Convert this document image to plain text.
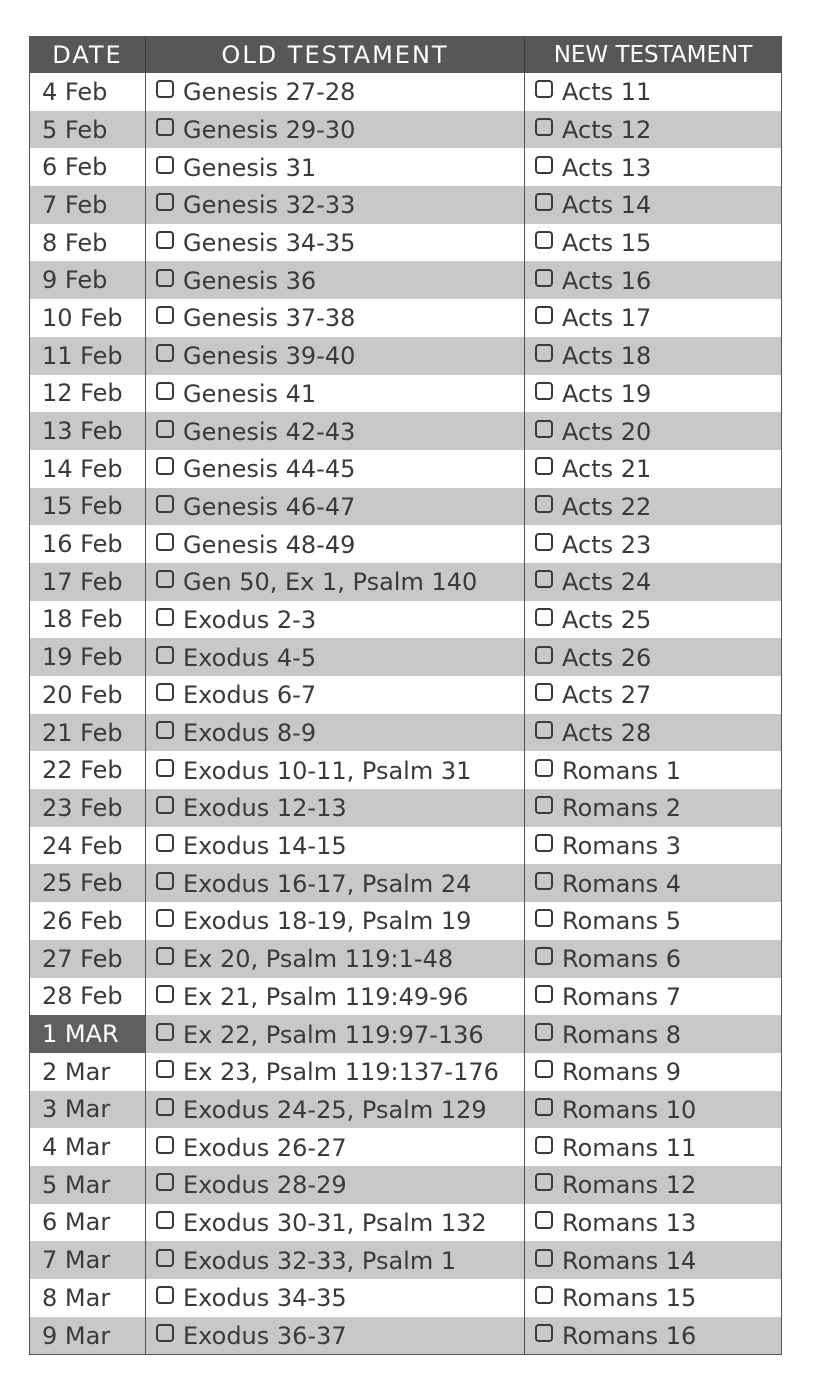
DATE	OLD TESTAMENT	NEW TESTAMENT
4 Feb	Genesis 27-28	Acts 11
5 Feb	Genesis 29-30	Acts 12
6 Feb	Genesis 31	Acts 13
7 Feb	Genesis 32-33	Acts 14
8 Feb	Genesis 34-35	Acts 15
9 Feb	Genesis 36	Acts 16
10 Feb	Genesis 37-38	Acts 17
11 Feb	Genesis 39-40	Acts 18
12 Feb	Genesis 41	Acts 19
13 Feb	Genesis 42-43	Acts 20
14 Feb	Genesis 44-45	Acts 21
15 Feb	Genesis 46-47	Acts 22
16 Feb	Genesis 48-49	Acts 23
17 Feb	Gen 50, Ex 1, Psalm 140	Acts 24
18 Feb	Exodus 2-3	Acts 25
19 Feb	Exodus 4-5	Acts 26
20 Feb	Exodus 6-7	Acts 27
21 Feb	Exodus 8-9	Acts 28
22 Feb	Exodus 10-11, Psalm 31	Romans 1
23 Feb	Exodus 12-13	Romans 2
24 Feb	Exodus 14-15	Romans 3
25 Feb	Exodus 16-17, Psalm 24	Romans 4
26 Feb	Exodus 18-19, Psalm 19	Romans 5
27 Feb	Ex 20, Psalm 119:1-48	Romans 6
28 Feb	Ex 21, Psalm 119:49-96	Romans 7
1 MAR	Ex 22, Psalm 119:97-136	Romans 8
2 Mar	Ex 23, Psalm 119:137-176	Romans 9
3 Mar	Exodus 24-25, Psalm 129	Romans 10
4 Mar	Exodus 26-27	Romans 11
5 Mar	Exodus 28-29	Romans 12
6 Mar	Exodus 30-31, Psalm 132	Romans 13
7 Mar	Exodus 32-33, Psalm 1	Romans 14
8 Mar	Exodus 34-35	Romans 15
9 Mar	Exodus 36-37	Romans 16
